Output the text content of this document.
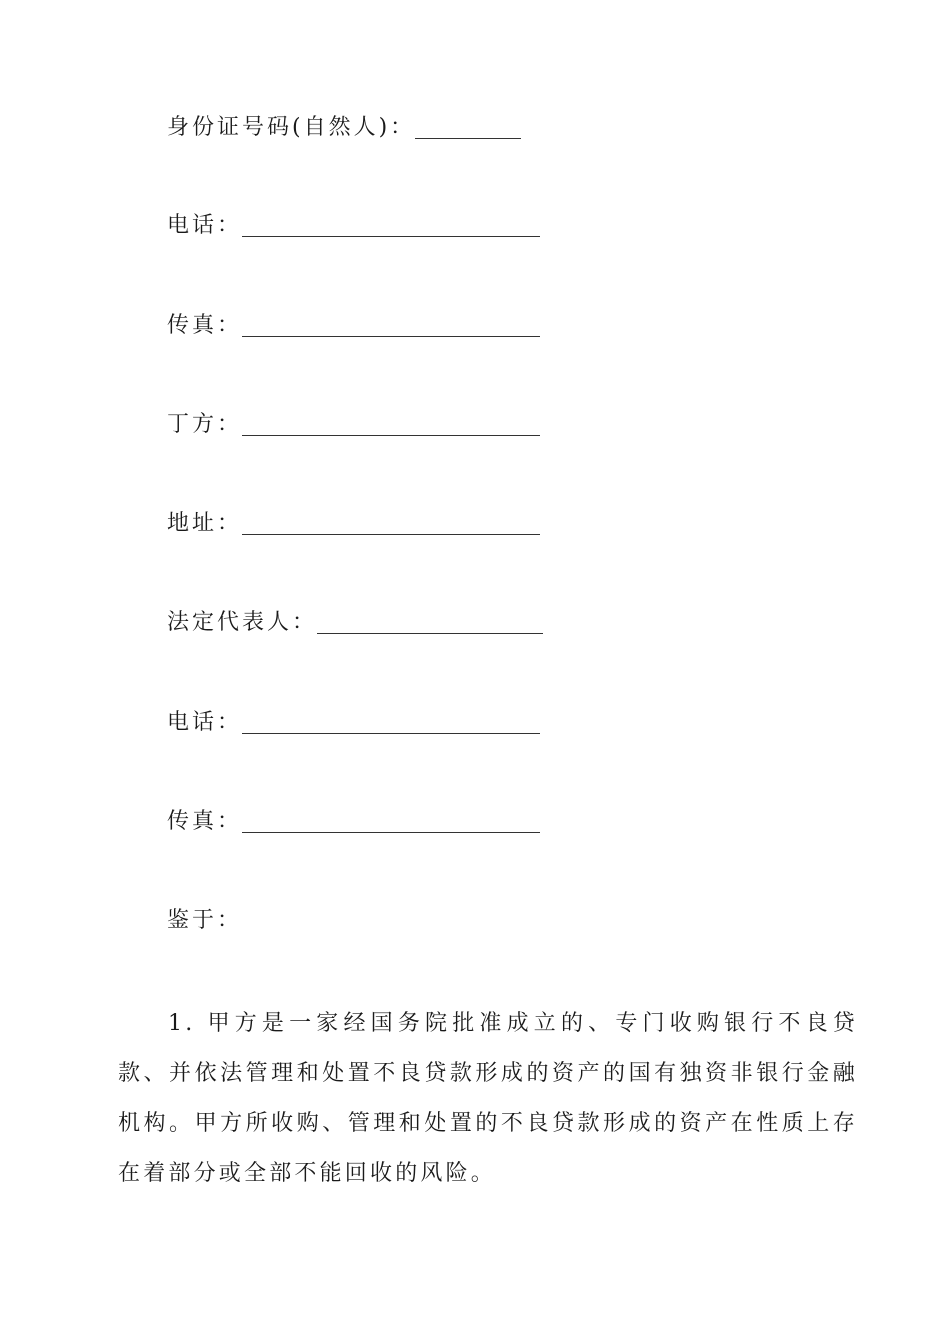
身份证号码(自然人)：
电话：
传真：
丁方：
地址：
法定代表人：
电话：
传真：
鉴于：

1. 甲方是一家经国务院批准成立的、专门收购银行不良贷款、并依法管理和处置不良贷款形成的资产的国有独资非银行金融机构。甲方所收购、管理和处置的不良贷款形成的资产在性质上存在着部分或全部不能回收的风险。
